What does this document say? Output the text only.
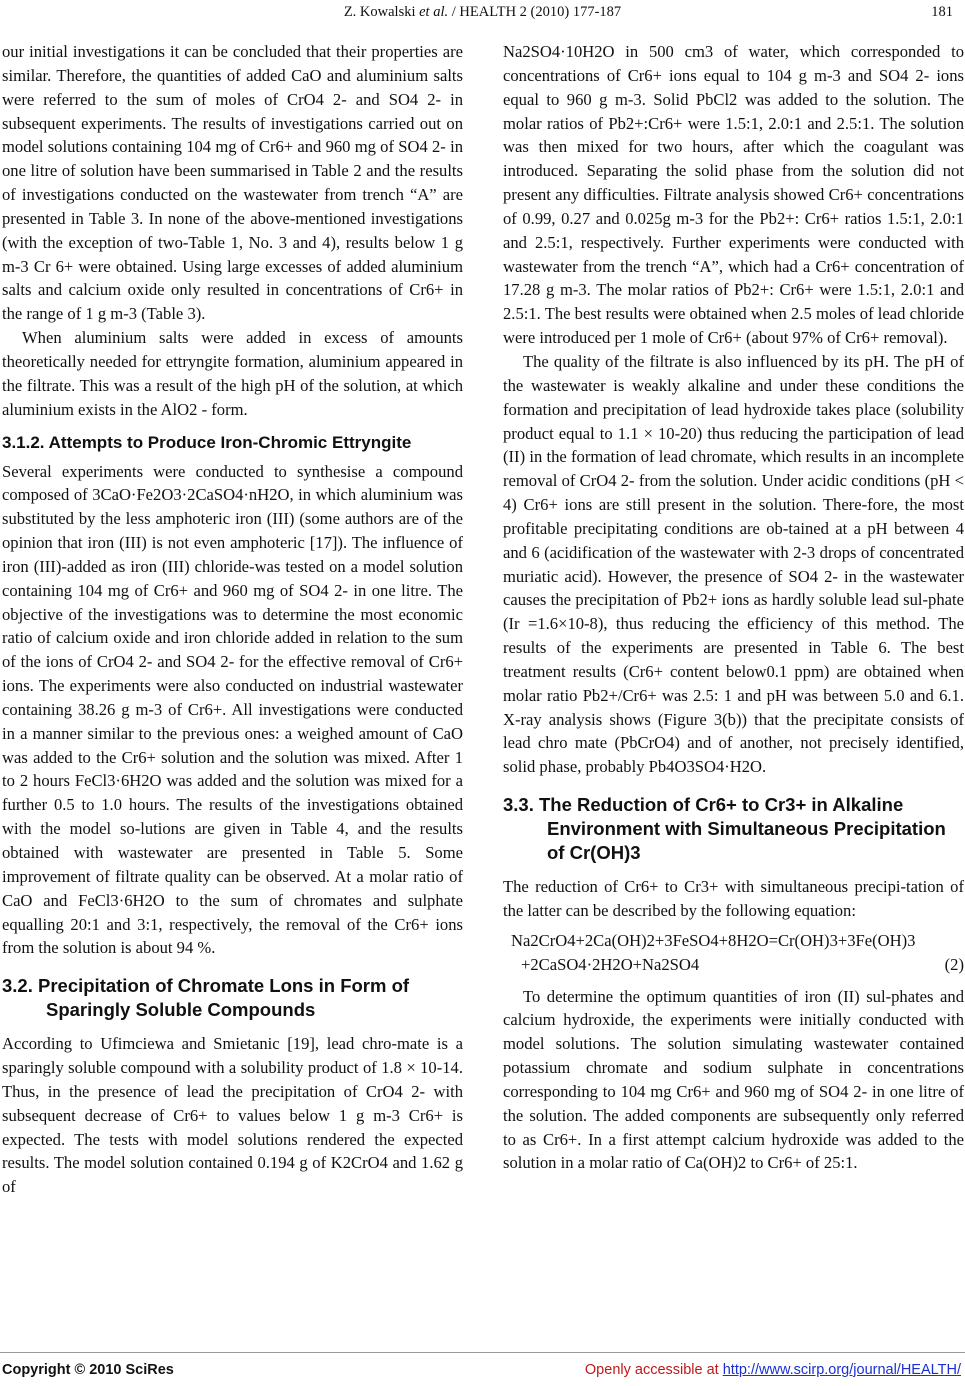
Z. Kowalski et al. / HEALTH 2 (2010) 177-187	181

our initial investigations it can be concluded that their properties are similar. Therefore, the quantities of added CaO and aluminium salts were referred to the sum of moles of CrO4 2- and SO4 2- in subsequent experiments. The results of investigations carried out on model solutions containing 104 mg of Cr6+ and 960 mg of SO4 2- in one litre of solution have been summarised in Table 2 and the results of investigations conducted on the wastewater from trench “A” are presented in Table 3. In none of the above-mentioned investigations (with the exception of two-Table 1, No. 3 and 4), results below 1 g m-3 Cr 6+ were obtained. Using large excesses of added aluminium salts and calcium oxide only resulted in concentrations of Cr6+ in the range of 1 g m-3 (Table 3).

When aluminium salts were added in excess of amounts theoretically needed for ettryngite formation, aluminium appeared in the filtrate. This was a result of the high pH of the solution, at which aluminium exists in the AlO2 - form.

3.1.2. Attempts to Produce Iron-Chromic Ettryngite

Several experiments were conducted to synthesise a compound composed of 3CaO·Fe2O3·2CaSO4·nH2O, in which aluminium was substituted by the less amphoteric iron (III) (some authors are of the opinion that iron (III) is not even amphoteric [17]). The influence of iron (III)-added as iron (III) chloride-was tested on a model solution containing 104 mg of Cr6+ and 960 mg of SO4 2- in one litre. The objective of the investigations was to determine the most economic ratio of calcium oxide and iron chloride added in relation to the sum of the ions of CrO4 2- and SO4 2- for the effective removal of Cr6+ ions. The experiments were also conducted on industrial wastewater containing 38.26 g m-3 of Cr6+. All investigations were conducted in a manner similar to the previous ones: a weighed amount of CaO was added to the Cr6+ solution and the solution was mixed. After 1 to 2 hours FeCl3·6H2O was added and the solution was mixed for a further 0.5 to 1.0 hours. The results of the investigations obtained with the model so-lutions are given in Table 4, and the results obtained with wastewater are presented in Table 5. Some improvement of filtrate quality can be observed. At a molar ratio of CaO and FeCl3·6H2O to the sum of chromates and sulphate equalling 20:1 and 3:1, respectively, the removal of the Cr6+ ions from the solution is about 94 %.

3.2. Precipitation of Chromate Lons in Form of Sparingly Soluble Compounds

According to Ufimciewa and Smietanic [19], lead chro-mate is a sparingly soluble compound with a solubility product of 1.8 × 10-14. Thus, in the presence of lead the precipitation of CrO4 2- with subsequent decrease of Cr6+ to values below 1 g m-3 Cr6+ is expected. The tests with model solutions rendered the expected results. The model solution contained 0.194 g of K2CrO4 and 1.62 g of

Na2SO4·10H2O in 500 cm3 of water, which corresponded to concentrations of Cr6+ ions equal to 104 g m-3 and SO4 2- ions equal to 960 g m-3. Solid PbCl2 was added to the solution. The molar ratios of Pb2+:Cr6+ were 1.5:1, 2.0:1 and 2.5:1. The solution was then mixed for two hours, after which the coagulant was introduced. Separating the solid phase from the solution did not present any difficulties. Filtrate analysis showed Cr6+ concentrations of 0.99, 0.27 and 0.025g m-3 for the Pb2+: Cr6+ ratios 1.5:1, 2.0:1 and 2.5:1, respectively. Further experiments were conducted with wastewater from the trench “A”, which had a Cr6+ concentration of 17.28 g m-3. The molar ratios of Pb2+: Cr6+ were 1.5:1, 2.0:1 and 2.5:1. The best results were obtained when 2.5 moles of lead chloride were introduced per 1 mole of Cr6+ (about 97% of Cr6+ removal).

The quality of the filtrate is also influenced by its pH. The pH of the wastewater is weakly alkaline and under these conditions the formation and precipitation of lead hydroxide takes place (solubility product equal to 1.1 × 10-20) thus reducing the participation of lead (II) in the formation of lead chromate, which results in an incomplete removal of CrO4 2- from the solution. Under acidic conditions (pH < 4) Cr6+ ions are still present in the solution. There-fore, the most profitable precipitating conditions are ob-tained at a pH between 4 and 6 (acidification of the wastewater with 2-3 drops of concentrated muriatic acid). However, the presence of SO4 2- in the wastewater causes the precipitation of Pb2+ ions as hardly soluble lead sul-phate (Ir =1.6×10-8), thus reducing the efficiency of this method. The results of the experiments are presented in Table 6. The best treatment results (Cr6+ content below0.1 ppm) are obtained when molar ratio Pb2+/Cr6+ was 2.5: 1 and pH was between 5.0 and 6.1. X-ray analysis shows (Figure 3(b)) that the precipitate consists of lead chro mate (PbCrO4) and of another, not precisely identified, solid phase, probably Pb4O3SO4·H2O.

3.3. The Reduction of Cr6+ to Cr3+ in Alkaline Environment with Simultaneous Precipitation of Cr(OH)3

The reduction of Cr6+ to Cr3+ with simultaneous precipi-tation of the latter can be described by the following equation:

Na2CrO4+2Ca(OH)2+3FeSO4+8H2O=Cr(OH)3+3Fe(OH)3
+2CaSO4·2H2O+Na2SO4	(2)

To determine the optimum quantities of iron (II) sul-phates and calcium hydroxide, the experiments were initially conducted with model solutions. The solution simulating wastewater contained potassium chromate and sodium sulphate in concentrations corresponding to 104 mg Cr6+ and 960 mg of SO4 2- in one litre of the solution. The added components are subsequently only referred to as Cr6+. In a first attempt calcium hydroxide was added to the solution in a molar ratio of Ca(OH)2 to Cr6+ of 25:1.

Copyright © 2010 SciRes	Openly accessible at http://www.scirp.org/journal/HEALTH/
